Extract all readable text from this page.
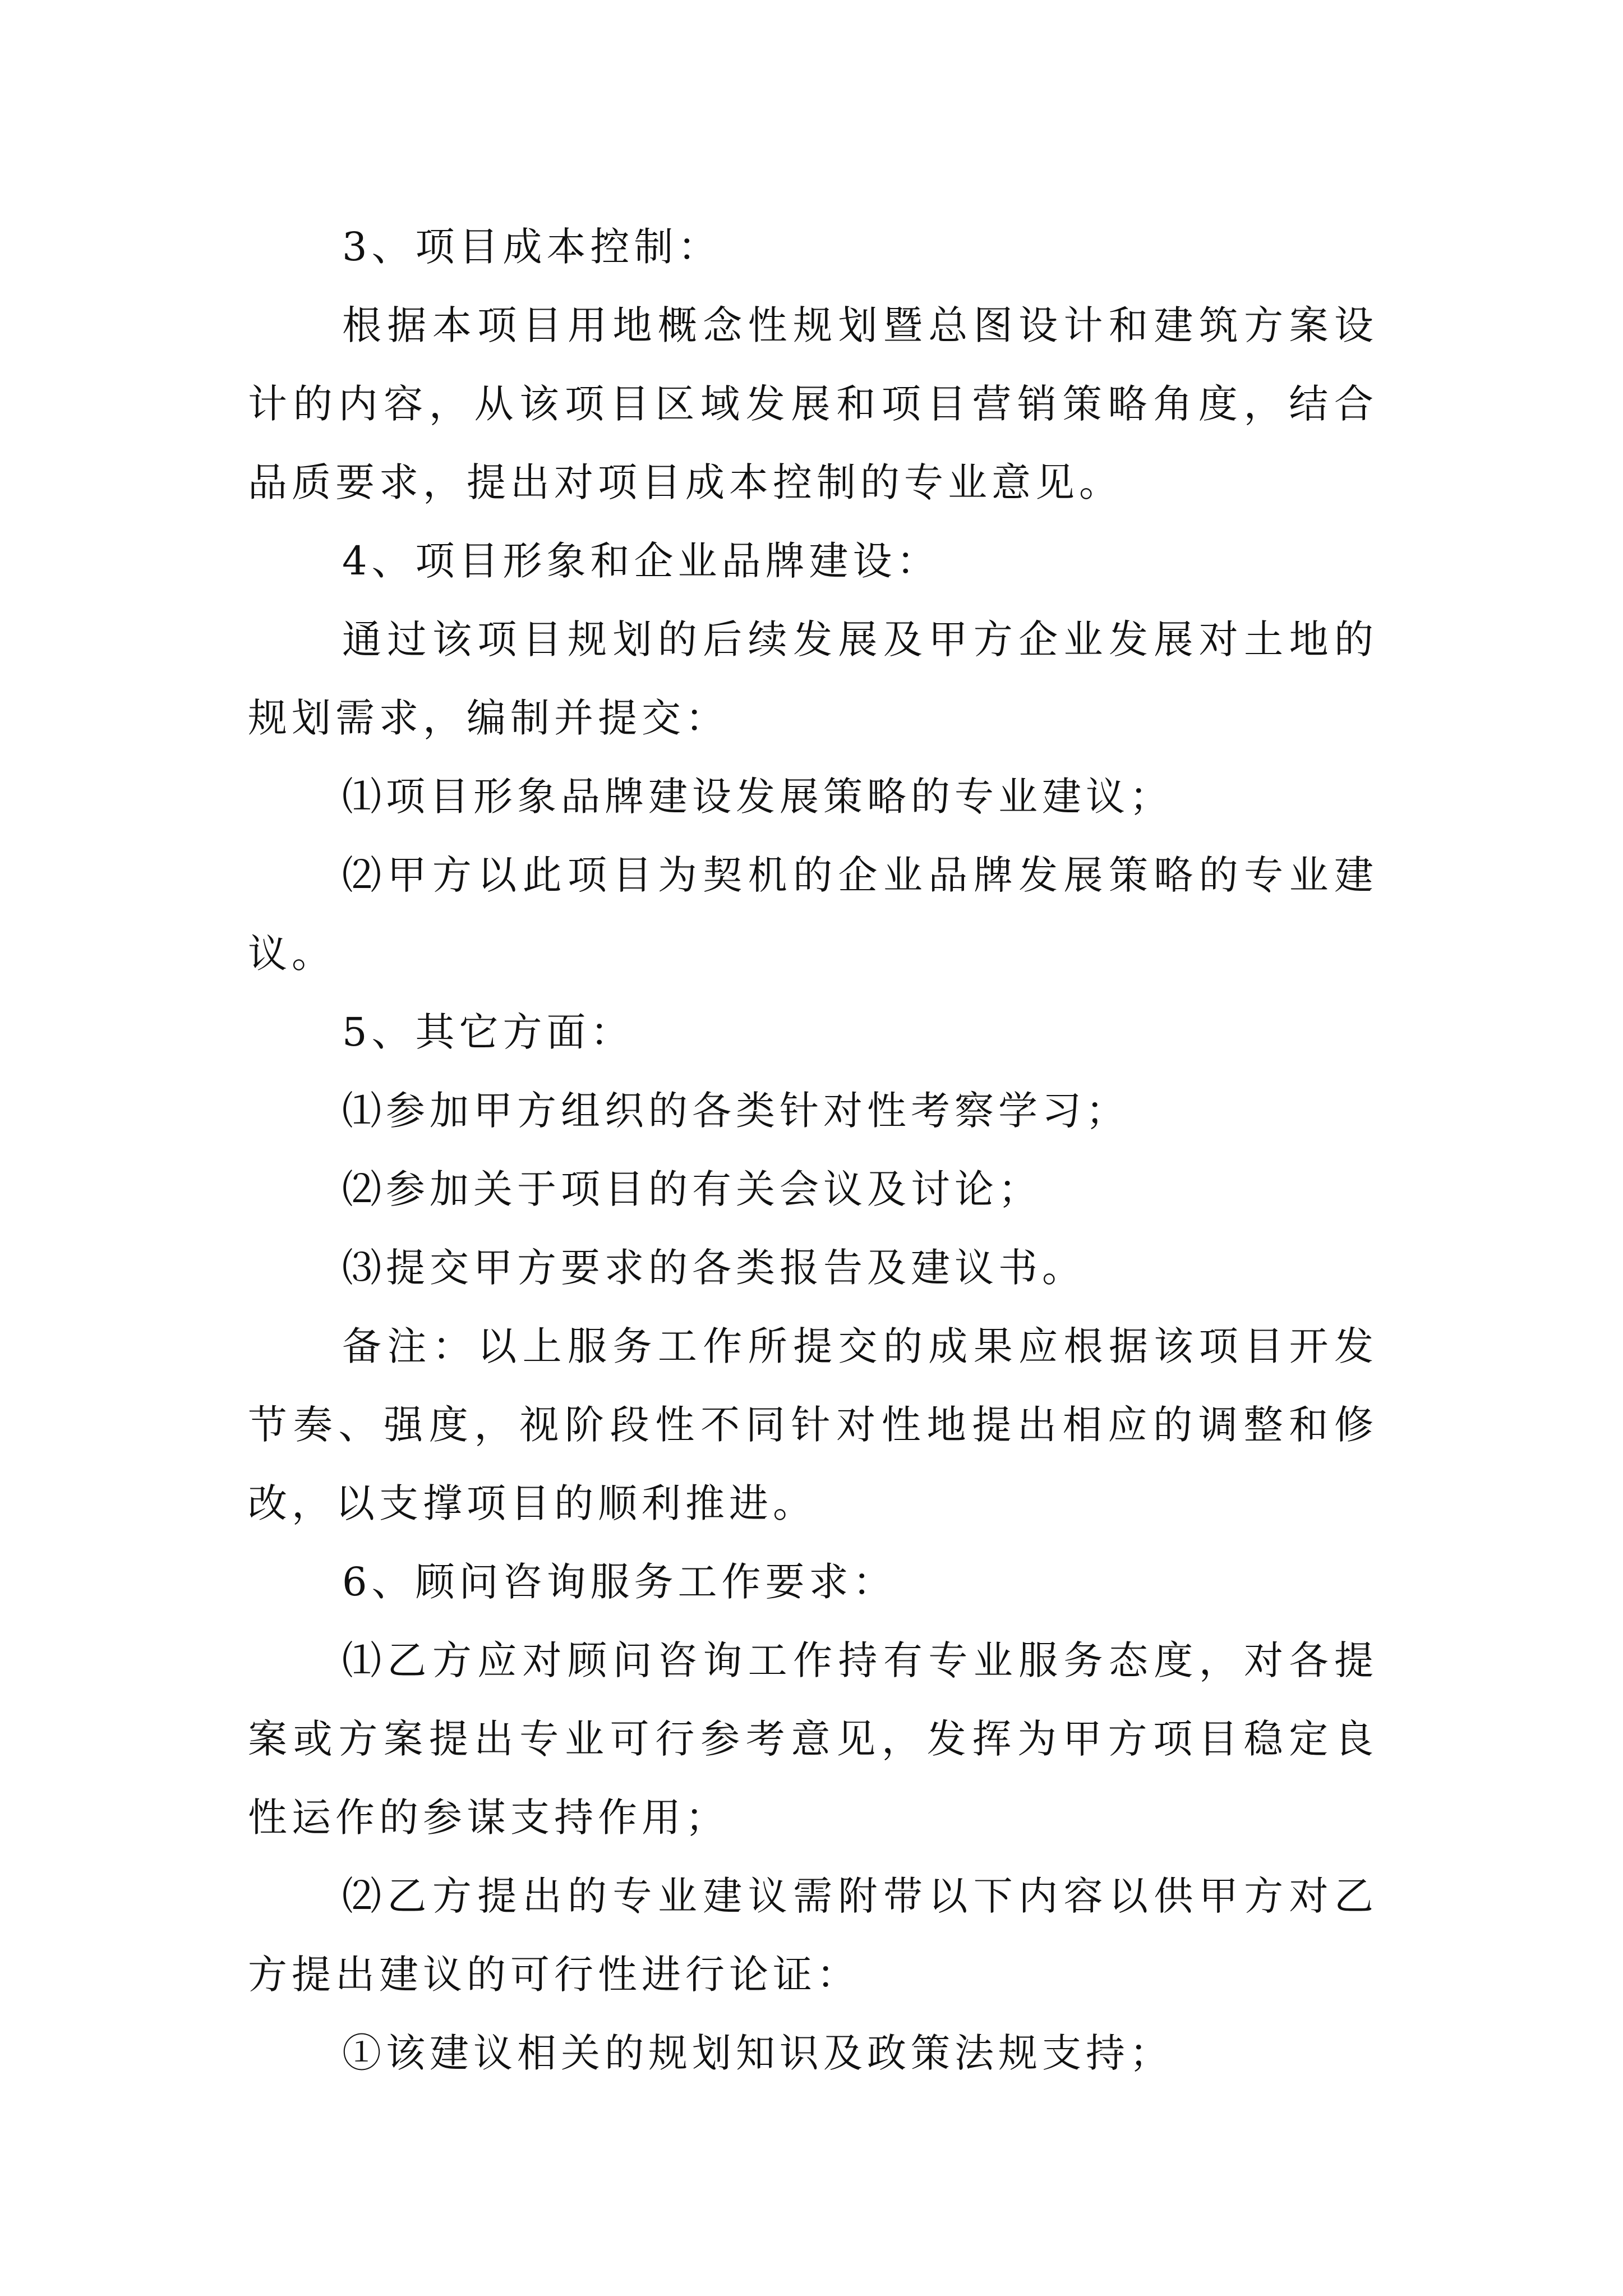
3、项目成本控制：

根据本项目用地概念性规划暨总图设计和建筑方案设计的内容，从该项目区域发展和项目营销策略角度，结合品质要求，提出对项目成本控制的专业意见。

4、项目形象和企业品牌建设：

通过该项目规划的后续发展及甲方企业发展对土地的规划需求，编制并提交：

⑴项目形象品牌建设发展策略的专业建议；

⑵甲方以此项目为契机的企业品牌发展策略的专业建议。

5、其它方面：

⑴参加甲方组织的各类针对性考察学习；

⑵参加关于项目的有关会议及讨论；

⑶提交甲方要求的各类报告及建议书。

备注：以上服务工作所提交的成果应根据该项目开发节奏、强度，视阶段性不同针对性地提出相应的调整和修改，以支撑项目的顺利推进。

6、顾问咨询服务工作要求：

⑴乙方应对顾问咨询工作持有专业服务态度，对各提案或方案提出专业可行参考意见，发挥为甲方项目稳定良性运作的参谋支持作用；

⑵乙方提出的专业建议需附带以下内容以供甲方对乙方提出建议的可行性进行论证：

①该建议相关的规划知识及政策法规支持；
